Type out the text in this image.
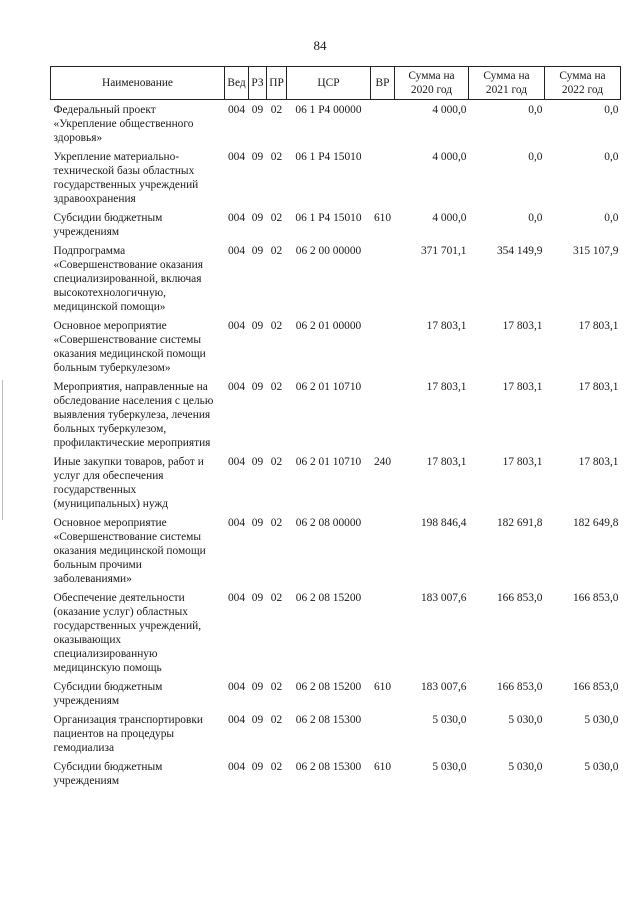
84
Наименование	Вед	РЗ	ПР	ЦСР	ВР	Сумма на 2020 год	Сумма на 2021 год	Сумма на 2022 год
Федеральный проект «Укрепление общественного здоровья»	004	09	02	06 1 Р4 00000		4 000,0	0,0	0,0
Укрепление материально-технической базы областных государственных учреждений здравоохранения	004	09	02	06 1 Р4 15010		4 000,0	0,0	0,0
Субсидии бюджетным учреждениям	004	09	02	06 1 Р4 15010	610	4 000,0	0,0	0,0
Подпрограмма «Совершенствование оказания специализированной, включая высокотехнологичную, медицинской помощи»	004	09	02	06 2 00 00000		371 701,1	354 149,9	315 107,9
Основное мероприятие «Совершенствование системы оказания медицинской помощи больным туберкулезом»	004	09	02	06 2 01 00000		17 803,1	17 803,1	17 803,1
Мероприятия, направленные на обследование населения с целью выявления туберкулеза, лечения больных туберкулезом, профилактические мероприятия	004	09	02	06 2 01 10710		17 803,1	17 803,1	17 803,1
Иные закупки товаров, работ и услуг для обеспечения государственных (муниципальных) нужд	004	09	02	06 2 01 10710	240	17 803,1	17 803,1	17 803,1
Основное мероприятие «Совершенствование системы оказания медицинской помощи больным прочими заболеваниями»	004	09	02	06 2 08 00000		198 846,4	182 691,8	182 649,8
Обеспечение деятельности (оказание услуг) областных государственных учреждений, оказывающих специализированную медицинскую помощь	004	09	02	06 2 08 15200		183 007,6	166 853,0	166 853,0
Субсидии бюджетным учреждениям	004	09	02	06 2 08 15200	610	183 007,6	166 853,0	166 853,0
Организация транспортировки пациентов на процедуры гемодиализа	004	09	02	06 2 08 15300		5 030,0	5 030,0	5 030,0
Субсидии бюджетным учреждениям	004	09	02	06 2 08 15300	610	5 030,0	5 030,0	5 030,0
